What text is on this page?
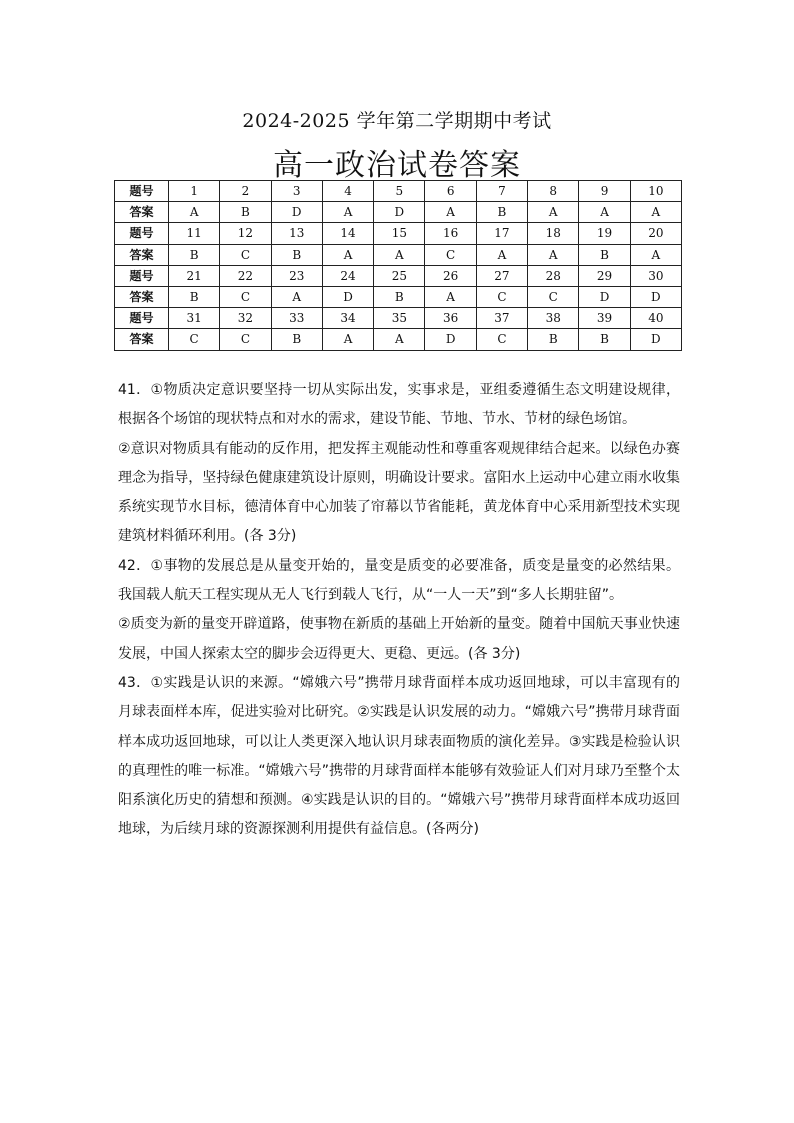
2024-2025 学年第二学期期中考试
高一政治试卷答案
题号	1	2	3	4	5	6	7	8	9	10
答案	A	B	D	A	D	A	B	A	A	A
题号	11	12	13	14	15	16	17	18	19	20
答案	B	C	B	A	A	C	A	A	B	A
题号	21	22	23	24	25	26	27	28	29	30
答案	B	C	A	D	B	A	C	C	D	D
题号	31	32	33	34	35	36	37	38	39	40
答案	C	C	B	A	A	D	C	B	B	D

41．①物质决定意识要坚持一切从实际出发，实事求是，亚组委遵循生态文明建设规律，根据各个场馆的现状特点和对水的需求，建设节能、节地、节水、节材的绿色场馆。

②意识对物质具有能动的反作用，把发挥主观能动性和尊重客观规律结合起来。以绿色办赛理念为指导，坚持绿色健康建筑设计原则，明确设计要求。富阳水上运动中心建立雨水收集系统实现节水目标，德清体育中心加装了帘幕以节省能耗，黄龙体育中心采用新型技术实现建筑材料循环利用。(各 3分)

42．①事物的发展总是从量变开始的，量变是质变的必要准备，质变是量变的必然结果。我国载人航天工程实现从无人飞行到载人飞行，从“一人一天”到“多人长期驻留”。

②质变为新的量变开辟道路，使事物在新质的基础上开始新的量变。随着中国航天事业快速发展，中国人探索太空的脚步会迈得更大、更稳、更远。(各 3分)

43．①实践是认识的来源。“嫦娥六号”携带月球背面样本成功返回地球，可以丰富现有的月球表面样本库，促进实验对比研究。②实践是认识发展的动力。“嫦娥六号”携带月球背面样本成功返回地球，可以让人类更深入地认识月球表面物质的演化差异。③实践是检验认识的真理性的唯一标准。“嫦娥六号”携带的月球背面样本能够有效验证人们对月球乃至整个太阳系演化历史的猜想和预测。④实践是认识的目的。“嫦娥六号”携带月球背面样本成功返回地球，为后续月球的资源探测利用提供有益信息。(各两分)
